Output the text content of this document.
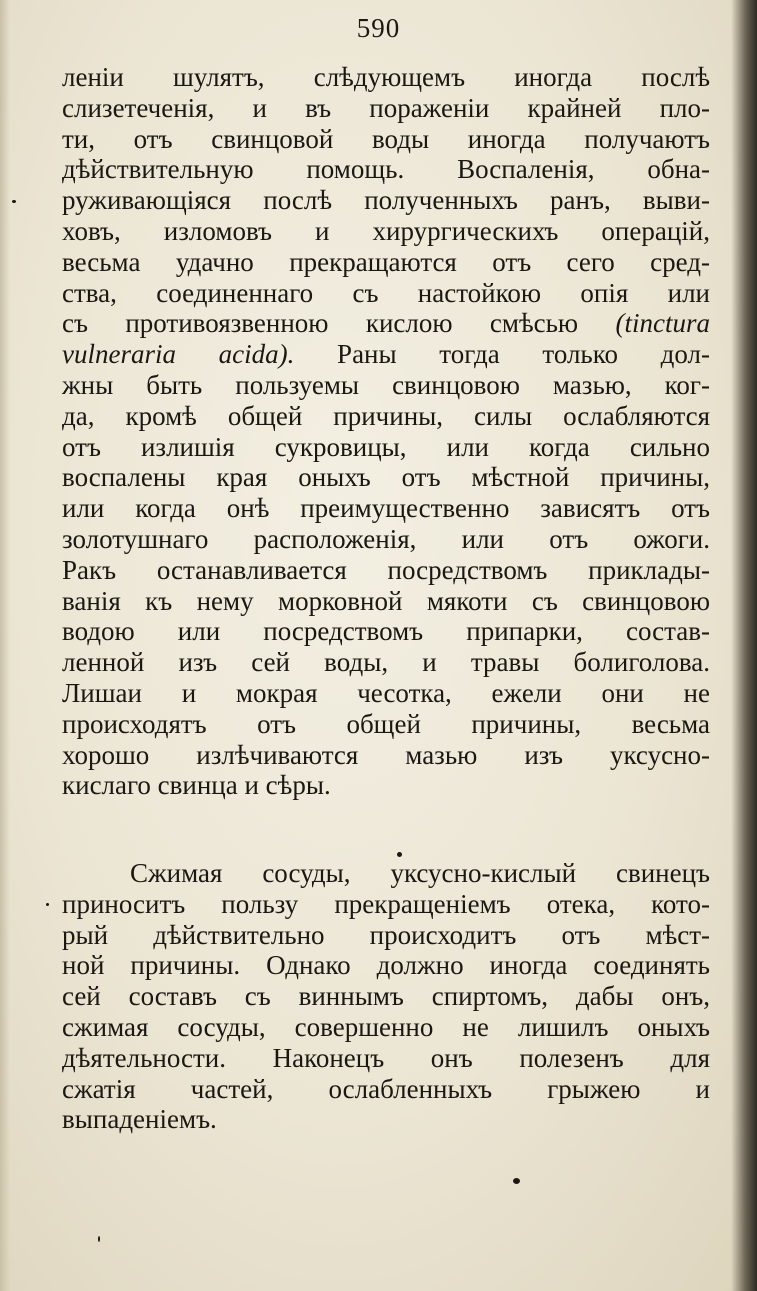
590
ленiи шулятъ, слѣдующемъ иногда послѣ
слизетеченія, и въ пораженiи крайней пло-
ти, отъ свинцовой воды иногда получаютъ
дѣйствительную помощь. Воспаленія, обна-
руживающiяся послѣ полученныхъ ранъ, выви-
ховъ, изломовъ и хирургическихъ операцiй,
весьма удачно прекращаются отъ сего сред-
ства, соединеннаго съ настойкою опія или
съ противоязвенною кислою смѣсью (tinctura
vulneraria acida). Раны тогда только дол-
жны быть пользуемы свинцовою мазью, ког-
да, кромѣ общей причины, силы ослабляются
отъ излишія сукровицы, или когда сильно
воспалены края оныхъ отъ мѣстной причины,
или когда онѣ преимущественно зависятъ отъ
золотушнаго расположенія, или отъ ожоги.
Ракъ останавливается посредствомъ приклады-
ванія къ нему морковной мякоти съ свинцовою
водою или посредствомъ припарки, состав-
ленной изъ сей воды, и травы болиголова.
Лишаи и мокрая чесотка, ежели они не
происходятъ отъ общей причины, весьма
хорошо излѣчиваются мазью изъ уксусно-
кислаго свинца и сѣры.
Сжимая сосуды, уксусно-кислый свинецъ
приноситъ пользу прекращеніемъ отека, кото-
рый дѣйствительно происходитъ отъ мѣст-
ной причины. Однако должно иногда соединять
сей составъ съ виннымъ спиртомъ, дабы онъ,
сжимая сосуды, совершенно не лишилъ оныхъ
дѣятельности. Наконецъ онъ полезенъ для
сжатія частей, ослабленныхъ грыжею и
выпаденіемъ.
